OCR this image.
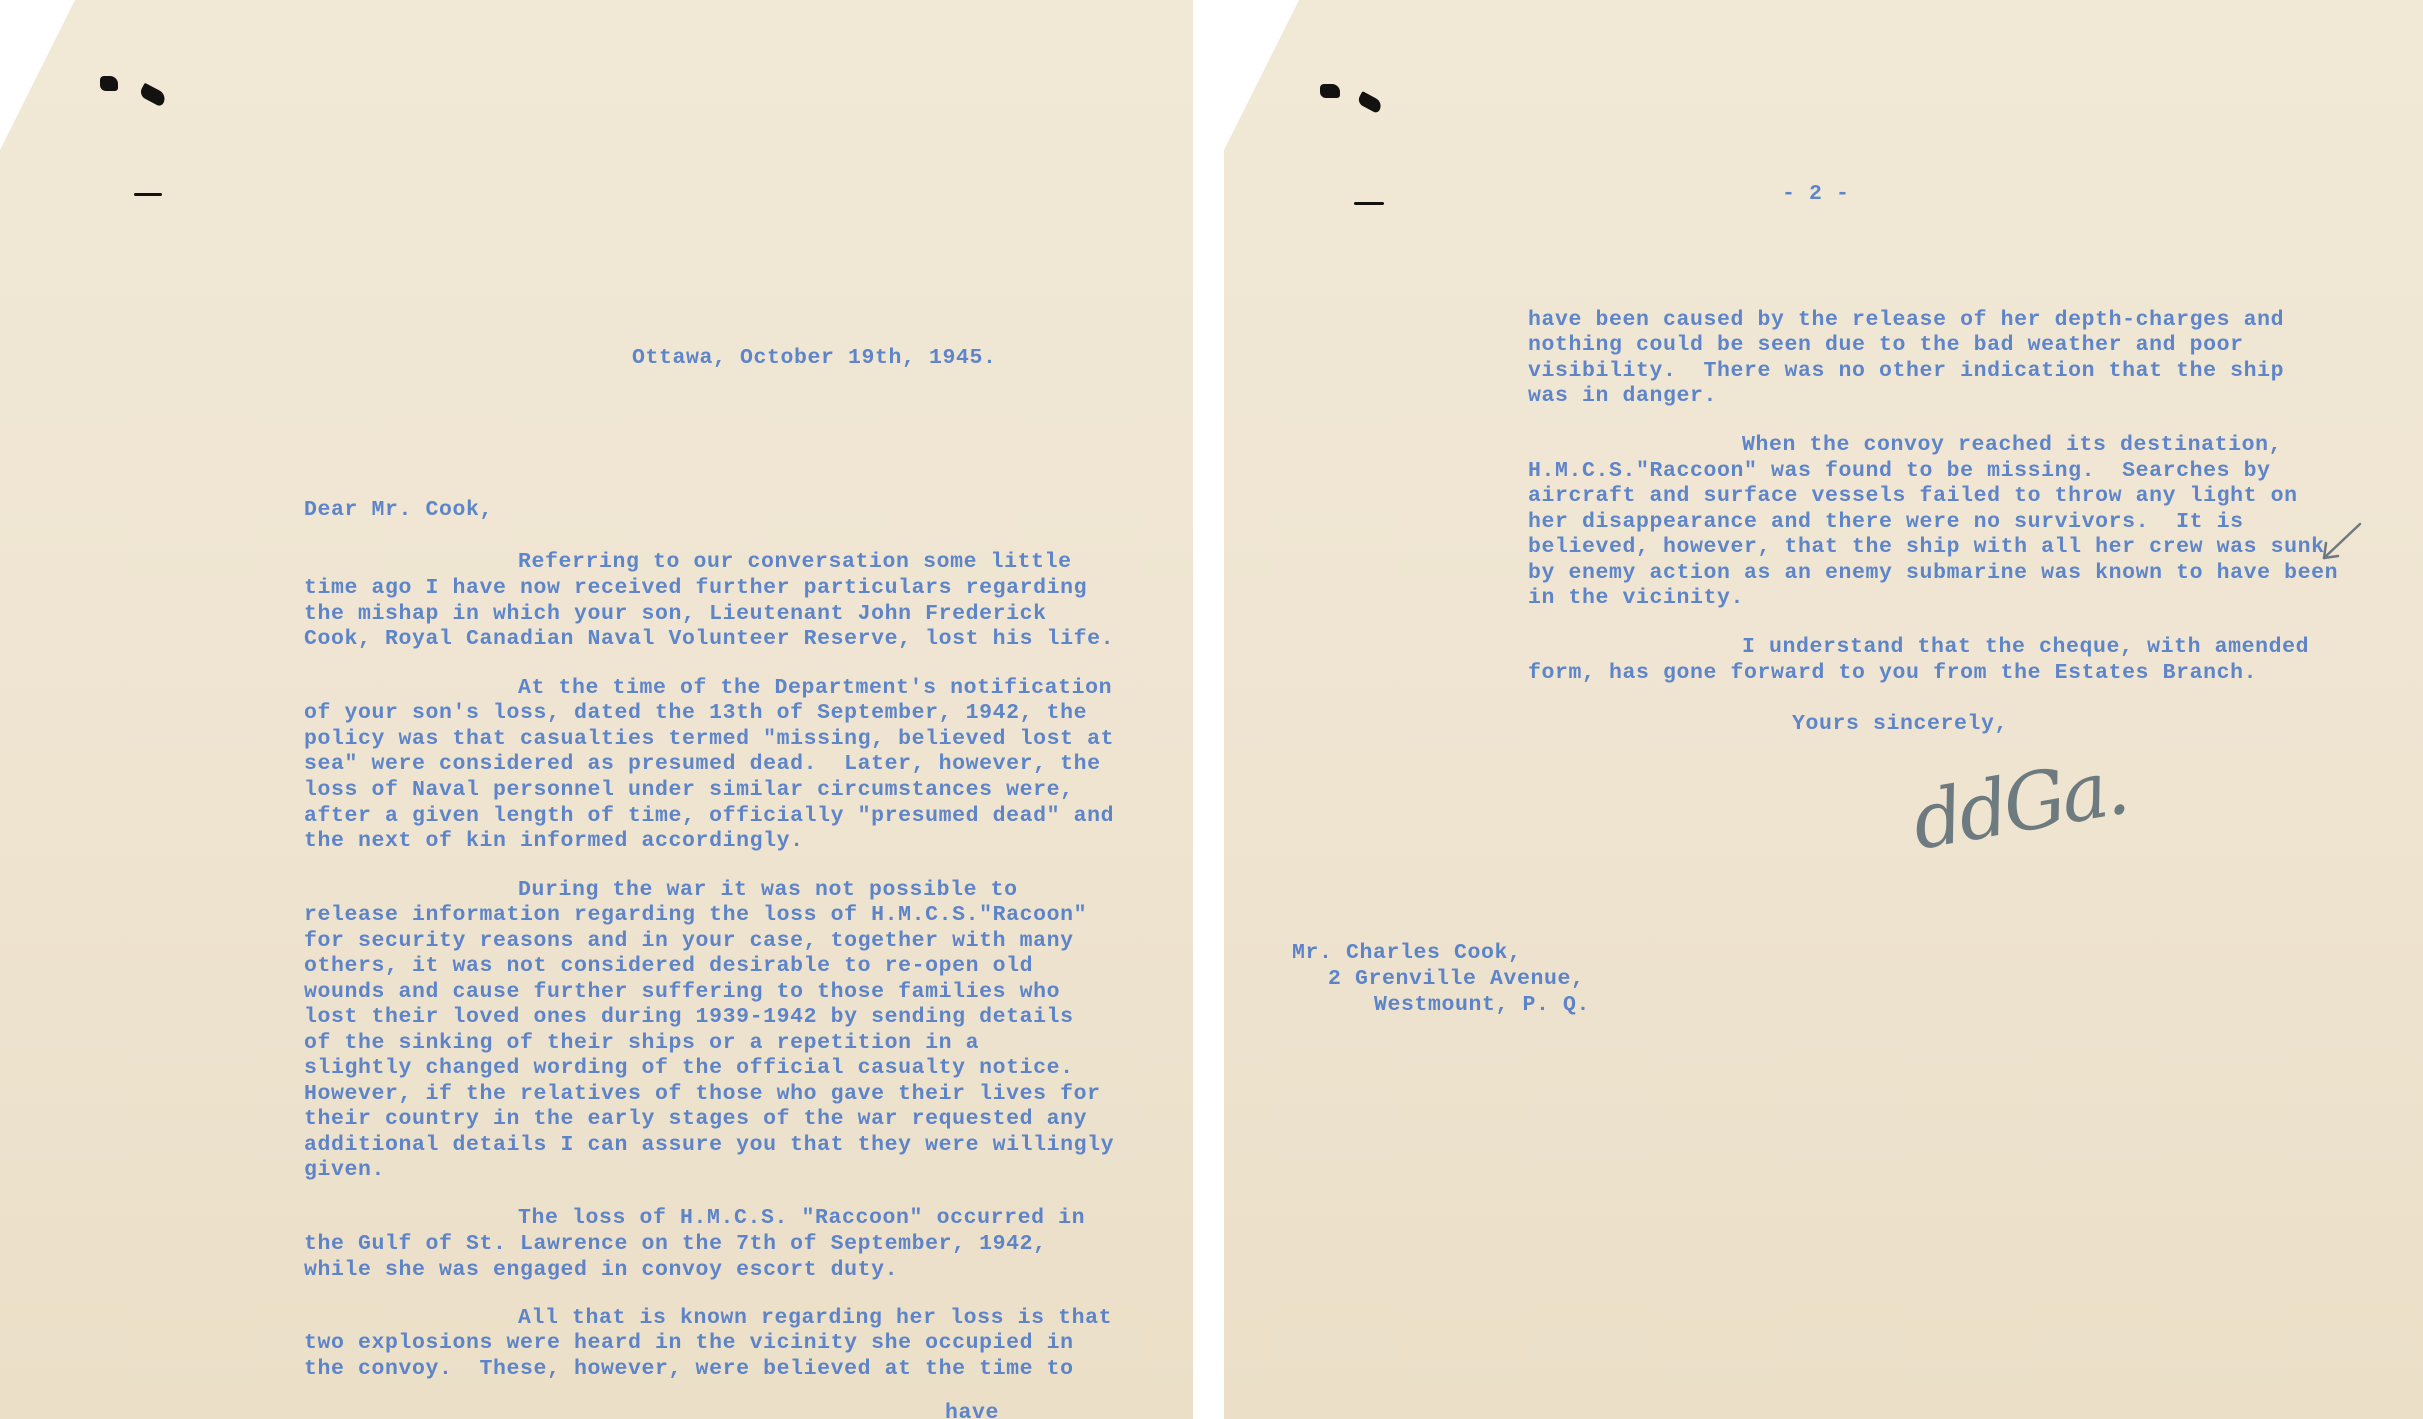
Ottawa, October 19th, 1945.

Dear Mr. Cook,

Referring to our conversation some little

time ago I have now received further particulars regarding

the mishap in which your son, Lieutenant John Frederick

Cook, Royal Canadian Naval Volunteer Reserve, lost his life.

At the time of the Department's notification

of your son's loss, dated the 13th of September, 1942, the

policy was that casualties termed "missing, believed lost at

sea" were considered as presumed dead.  Later, however, the

loss of Naval personnel under similar circumstances were,

after a given length of time, officially "presumed dead" and

the next of kin informed accordingly.

During the war it was not possible to

release information regarding the loss of H.M.C.S."Racoon"

for security reasons and in your case, together with many

others, it was not considered desirable to re-open old

wounds and cause further suffering to those families who

lost their loved ones during 1939-1942 by sending details

of the sinking of their ships or a repetition in a

slightly changed wording of the official casualty notice.

However, if the relatives of those who gave their lives for

their country in the early stages of the war requested any

additional details I can assure you that they were willingly

given.

The loss of H.M.C.S. "Raccoon" occurred in

the Gulf of St. Lawrence on the 7th of September, 1942,

while she was engaged in convoy escort duty.

All that is known regarding her loss is that

two explosions were heard in the vicinity she occupied in

the convoy.  These, however, were believed at the time to

have

- 2 -

have been caused by the release of her depth-charges and

nothing could be seen due to the bad weather and poor

visibility.  There was no other indication that the ship

was in danger.

When the convoy reached its destination,

H.M.C.S."Raccoon" was found to be missing.  Searches by

aircraft and surface vessels failed to throw any light on

her disappearance and there were no survivors.  It is

believed, however, that the ship with all her crew was sunk

by enemy action as an enemy submarine was known to have been

in the vicinity.

I understand that the cheque, with amended

form, has gone forward to you from the Estates Branch.

Yours sincerely,

ddGa.

Mr. Charles Cook,

2 Grenville Avenue,

Westmount, P. Q.
